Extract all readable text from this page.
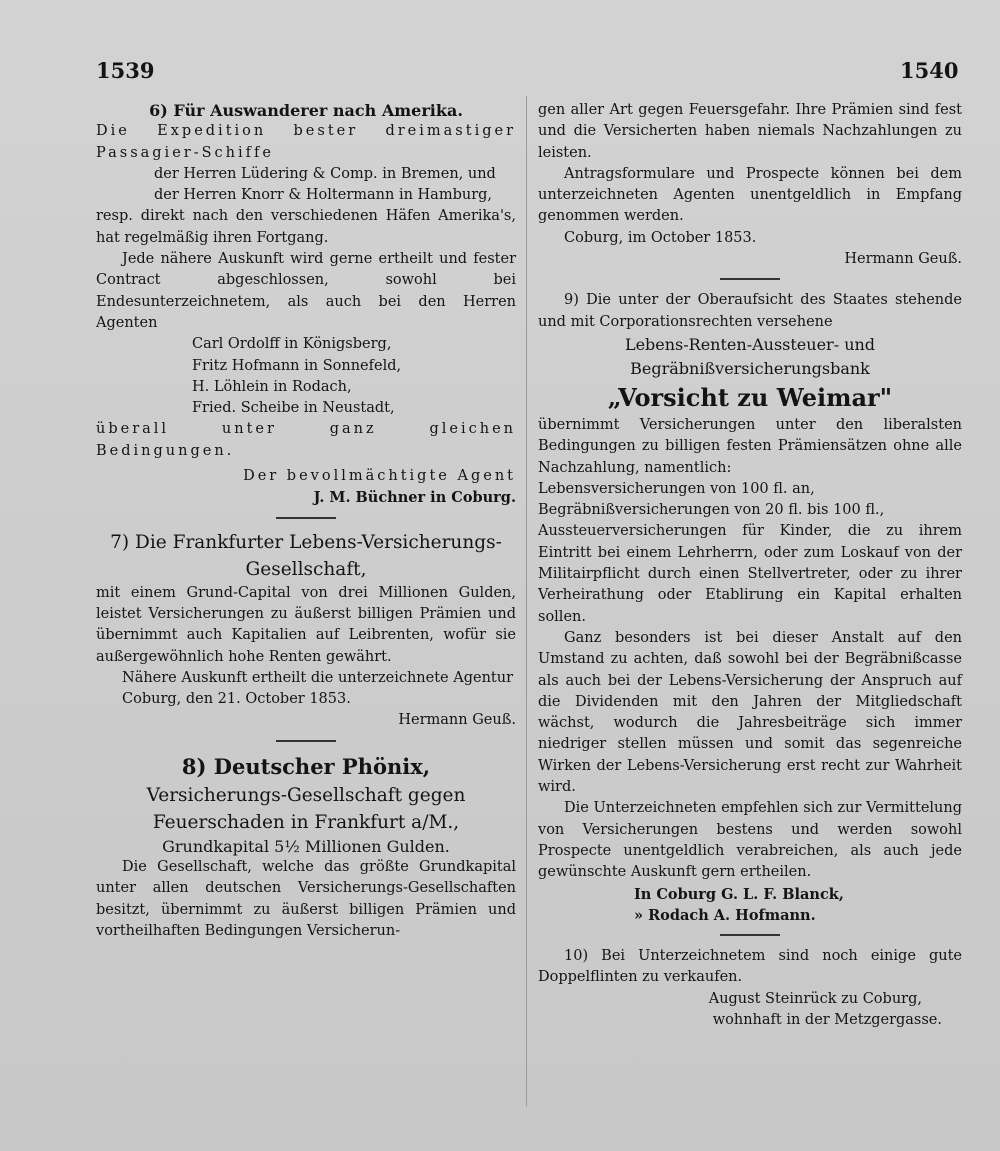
1539	1540

6) Für Auswanderer nach Amerika.

Die Expedition bester dreimastiger Passagier-Schiffe

der Herren Lüdering & Comp. in Bremen, und

der Herren Knorr & Holtermann in Hamburg,

resp. direkt nach den verschiedenen Häfen Amerika's, hat regelmäßig ihren Fortgang.

Jede nähere Auskunft wird gerne ertheilt und fester Contract abgeschlossen, sowohl bei Endesunterzeichnetem, als auch bei den Herren Agenten

Carl Ordolff in Königsberg,

Fritz Hofmann in Sonnefeld,

H. Löhlein in Rodach,

Fried. Scheibe in Neustadt,

überall unter ganz gleichen Bedingungen.

Der bevollmächtigte Agent

J. M. Büchner in Coburg.

7) Die Frankfurter Lebens-Versicherungs-Gesellschaft,

mit einem Grund-Capital von drei Millionen Gulden, leistet Versicherungen zu äußerst billigen Prämien und übernimmt auch Kapitalien auf Leibrenten, wofür sie außergewöhnlich hohe Renten gewährt.

Nähere Auskunft ertheilt die unterzeichnete Agentur

Coburg, den 21. October 1853.

Hermann Geuß.

8) Deutscher Phönix,

Versicherungs-Gesellschaft gegen Feuerschaden in Frankfurt a/M.,

Grundkapital 5½ Millionen Gulden.

Die Gesellschaft, welche das größte Grundkapital unter allen deutschen Versicherungs-Gesellschaften besitzt, übernimmt zu äußerst billigen Prämien und vortheilhaften Bedingungen Versicherun-

gen aller Art gegen Feuersgefahr. Ihre Prämien sind fest und die Versicherten haben niemals Nachzahlungen zu leisten.

Antragsformulare und Prospecte können bei dem unterzeichneten Agenten unentgeldlich in Empfang genommen werden.

Coburg, im October 1853.

Hermann Geuß.

9) Die unter der Oberaufsicht des Staates stehende und mit Corporationsrechten versehene

Lebens-Renten-Aussteuer- und Begräbnißversicherungsbank

„Vorsicht zu Weimar"

übernimmt Versicherungen unter den liberalsten Bedingungen zu billigen festen Prämiensätzen ohne alle Nachzahlung, namentlich:

Lebensversicherungen von 100 fl. an,

Begräbnißversicherungen von 20 fl. bis 100 fl.,

Aussteuerversicherungen für Kinder, die zu ihrem Eintritt bei einem Lehrherrn, oder zum Loskauf von der Militairpflicht durch einen Stellvertreter, oder zu ihrer Verheirathung oder Etablirung ein Kapital erhalten sollen.

Ganz besonders ist bei dieser Anstalt auf den Umstand zu achten, daß sowohl bei der Begräbnißcasse als auch bei der Lebens-Versicherung der Anspruch auf die Dividenden mit den Jahren der Mitgliedschaft wächst, wodurch die Jahresbeiträge sich immer niedriger stellen müssen und somit das segenreiche Wirken der Lebens-Versicherung erst recht zur Wahrheit wird.

Die Unterzeichneten empfehlen sich zur Vermittelung von Versicherungen bestens und werden sowohl Prospecte unentgeldlich verabreichen, als auch jede gewünschte Auskunft gern ertheilen.

In Coburg G. L. F. Blanck,

» Rodach A. Hofmann.

10) Bei Unterzeichnetem sind noch einige gute Doppelflinten zu verkaufen.

August Steinrück zu Coburg,

wohnhaft in der Metzgergasse.
